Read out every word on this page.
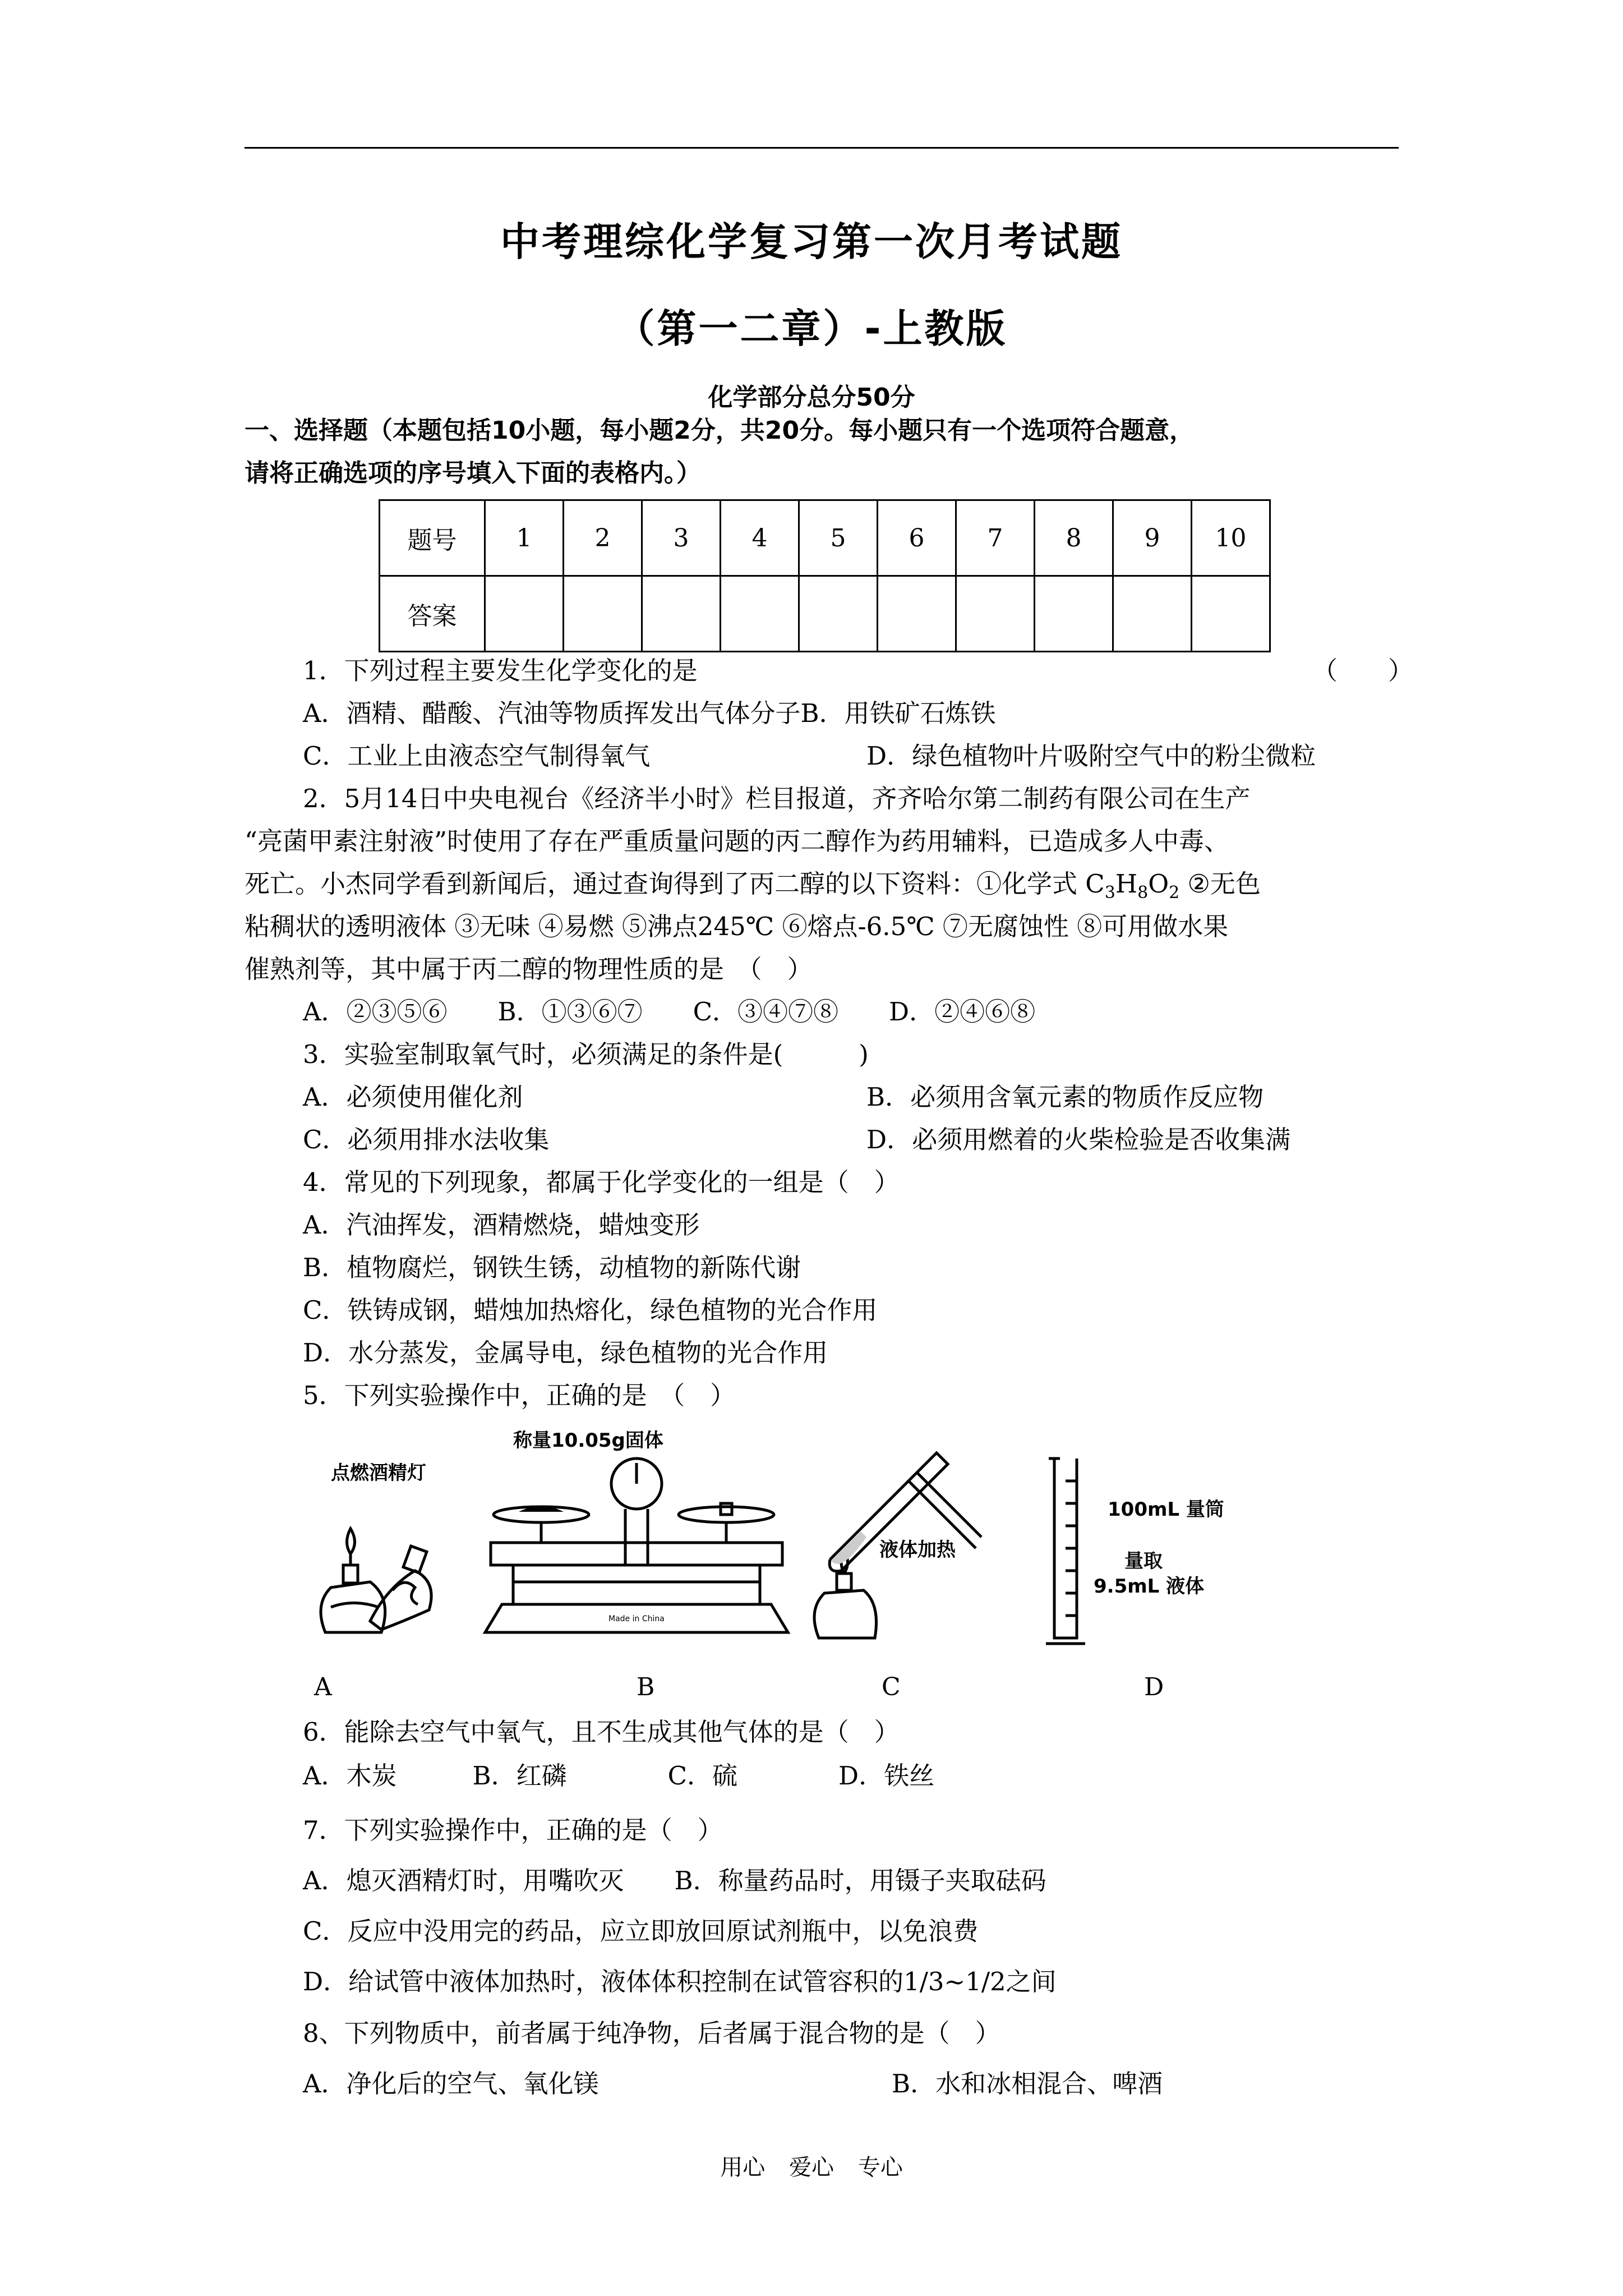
中考理综化学复习第一次月考试题
（第一二章）-上教版
化学部分总分50分
一、选择题（本题包括10小题，每小题2分，共20分。每小题只有一个选项符合题意，
请将正确选项的序号填入下面的表格内。）
题号	1	2	3	4	5	6	7	8	9	10
答案										
1．下列过程主要发生化学变化的是	（　　）
A．酒精、醋酸、汽油等物质挥发出气体分子B．用铁矿石炼铁
C．工业上由液态空气制得氧气	D．绿色植物叶片吸附空气中的粉尘微粒
2．5月14日中央电视台《经济半小时》栏目报道，齐齐哈尔第二制药有限公司在生产
“亮菌甲素注射液”时使用了存在严重质量问题的丙二醇作为药用辅料，已造成多人中毒、
死亡。小杰同学看到新闻后，通过查询得到了丙二醇的以下资料：①化学式 $C_3H_8O_2$ ②无色
粘稠状的透明液体 ③无味 ④易燃 ⑤沸点245℃ ⑥熔点-6.5℃ ⑦无腐蚀性 ⑧可用做水果
催熟剂等，其中属于丙二醇的物理性质的是　（　）
A．②③⑤⑥　　B．①③⑥⑦　　C．③④⑦⑧　　D．②④⑥⑧
3．实验室制取氧气时，必须满足的条件是(　　　)
A．必须使用催化剂	B．必须用含氧元素的物质作反应物
C．必须用排水法收集	D．必须用燃着的火柴检验是否收集满
4．常见的下列现象，都属于化学变化的一组是（　）
A．汽油挥发，酒精燃烧，蜡烛变形
B．植物腐烂，钢铁生锈，动植物的新陈代谢
C．铁铸成钢，蜡烛加热熔化，绿色植物的光合作用
D．水分蒸发，金属导电，绿色植物的光合作用
5．下列实验操作中，正确的是　（　）
点燃酒精灯
A
称量10.05g固体
Made in China
B
液体加热
C
100mL 量筒
量取
9.5mL 液体
D
6．能除去空气中氧气，且不生成其他气体的是（　）
A．木炭　　　B．红磷　　　　C．硫　　　　D．铁丝
7．下列实验操作中，正确的是（　）
A．熄灭酒精灯时，用嘴吹灭　　B．称量药品时，用镊子夹取砝码
C．反应中没用完的药品，应立即放回原试剂瓶中，以免浪费
D．给试管中液体加热时，液体体积控制在试管容积的1/3~1/2之间
8、下列物质中，前者属于纯净物，后者属于混合物的是（　）
A．净化后的空气、氧化镁	B．水和冰相混合、啤酒
用心 爱心 专心
